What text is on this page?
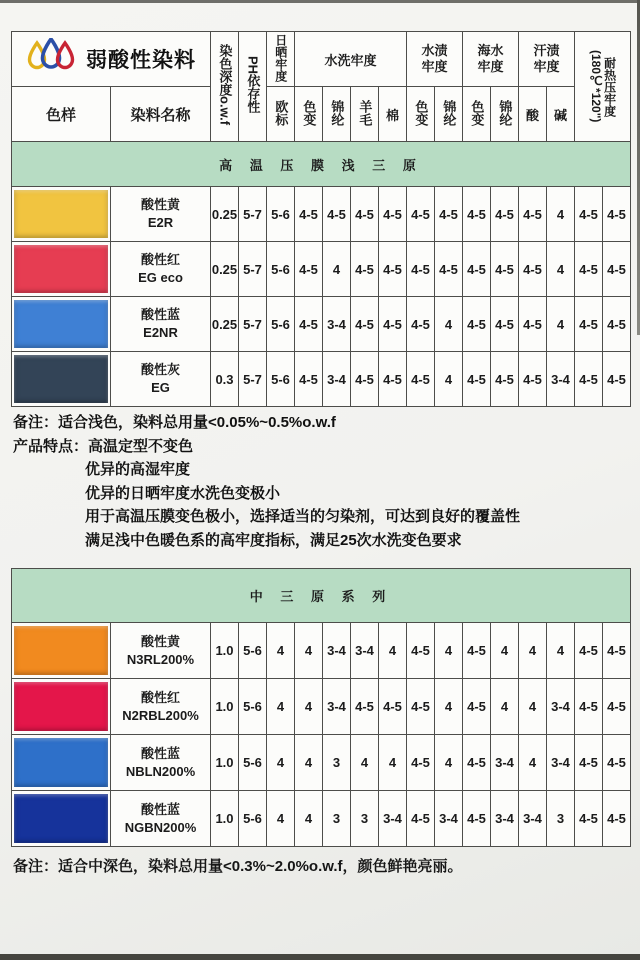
弱酸性染料		染色深度o.w.f	PH依存性	日晒牢度	水洗牢度				水渍牢度		海水牢度		汗渍牢度		(180℃*120") 耐热压牢度	

色样	染料名称			欧标	色变	锦纶	羊毛	棉	色变	锦纶	色变	锦纶	酸	碱		
高 温 压 膜 浅 三 原																

	酸性黄
E2R	0.25	5-7	5-6	4-5	4-5	4-5	4-5	4-5	4-5	4-5	4-5	4-5	4	4-5	4-5

	酸性红
EG eco	0.25	5-7	5-6	4-5	4	4-5	4-5	4-5	4-5	4-5	4-5	4-5	4	4-5	4-5

	酸性蓝
E2NR	0.25	5-7	5-6	4-5	3-4	4-5	4-5	4-5	4	4-5	4-5	4-5	4	4-5	4-5

	酸性灰
EG	0.3	5-7	5-6	4-5	3-4	4-5	4-5	4-5	4	4-5	4-5	4-5	3-4	4-5	4-5
备注：适合浅色，染料总用量<0.05%~0.5%o.w.f
产品特点：高温定型不变色
优异的高湿牢度
优异的日晒牢度水洗色变极小
用于高温压膜变色极小，选择适当的匀染剂，可达到良好的覆盖性
满足浅中色暖色系的高牢度指标，满足25次水洗变色要求
中 三 原 系 列																

	酸性黄
N3RL200%	1.0	5-6	4	4	3-4	3-4	4	4-5	4	4-5	4	4	4	4-5	4-5

	酸性红
N2RBL200%	1.0	5-6	4	4	3-4	4-5	4-5	4-5	4	4-5	4	4	3-4	4-5	4-5

	酸性蓝
NBLN200%	1.0	5-6	4	4	3	4	4	4-5	4	4-5	3-4	4	3-4	4-5	4-5

	酸性蓝
NGBN200%	1.0	5-6	4	4	3	3	3-4	4-5	3-4	4-5	3-4	3-4	3	4-5	4-5
备注：适合中深色，染料总用量<0.3%~2.0%o.w.f，颜色鲜艳亮丽。
